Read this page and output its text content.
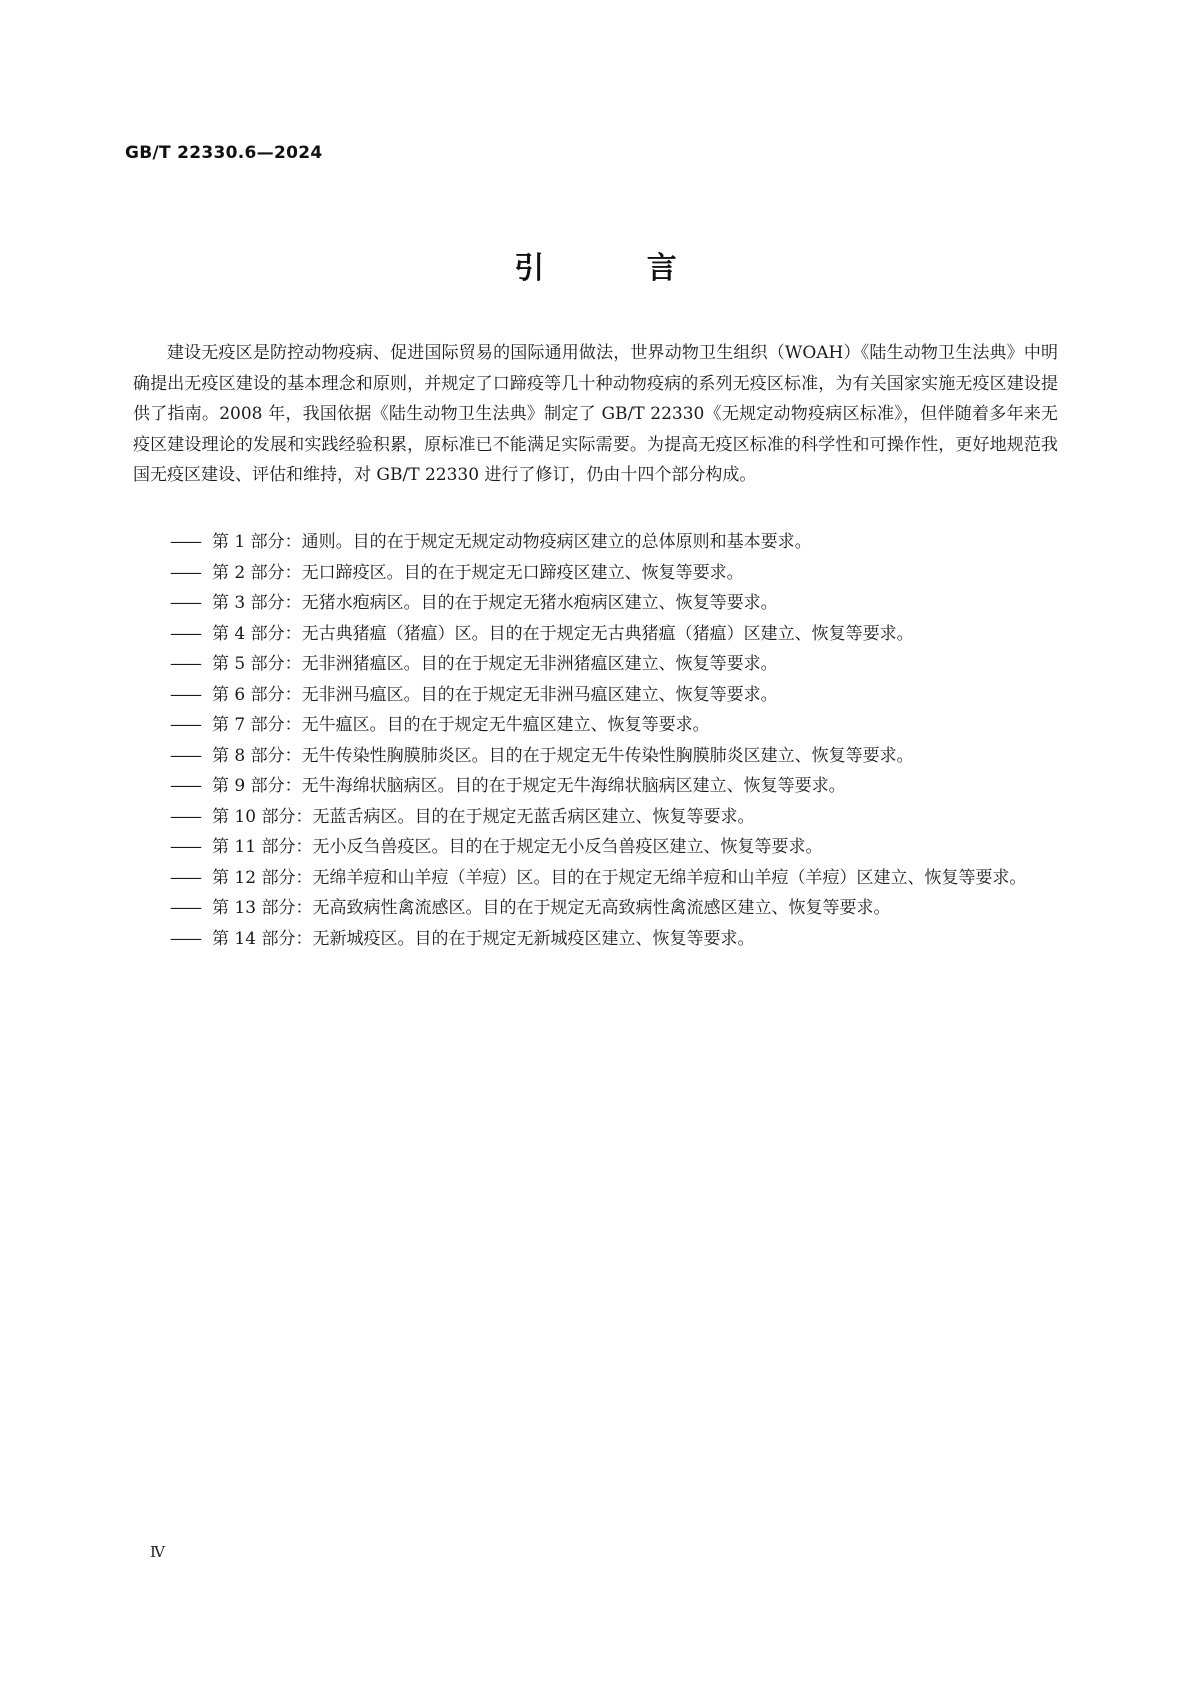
GB/T 22330.6—2024
引 言

建设无疫区是防控动物疫病、促进国际贸易的国际通用做法，世界动物卫生组织（WOAH）《陆生动物卫生法典》中明确提出无疫区建设的基本理念和原则，并规定了口蹄疫等几十种动物疫病的系列无疫区标准，为有关国家实施无疫区建设提供了指南。2008 年，我国依据《陆生动物卫生法典》制定了 GB/T 22330《无规定动物疫病区标准》，但伴随着多年来无疫区建设理论的发展和实践经验积累，原标准已不能满足实际需要。为提高无疫区标准的科学性和可操作性，更好地规范我国无疫区建设、评估和维持，对 GB/T 22330 进行了修订，仍由十四个部分构成。

—— 第 1 部分：通则。目的在于规定无规定动物疫病区建立的总体原则和基本要求。
—— 第 2 部分：无口蹄疫区。目的在于规定无口蹄疫区建立、恢复等要求。
—— 第 3 部分：无猪水疱病区。目的在于规定无猪水疱病区建立、恢复等要求。
—— 第 4 部分：无古典猪瘟（猪瘟）区。目的在于规定无古典猪瘟（猪瘟）区建立、恢复等要求。
—— 第 5 部分：无非洲猪瘟区。目的在于规定无非洲猪瘟区建立、恢复等要求。
—— 第 6 部分：无非洲马瘟区。目的在于规定无非洲马瘟区建立、恢复等要求。
—— 第 7 部分：无牛瘟区。目的在于规定无牛瘟区建立、恢复等要求。
—— 第 8 部分：无牛传染性胸膜肺炎区。目的在于规定无牛传染性胸膜肺炎区建立、恢复等要求。
—— 第 9 部分：无牛海绵状脑病区。目的在于规定无牛海绵状脑病区建立、恢复等要求。
—— 第 10 部分：无蓝舌病区。目的在于规定无蓝舌病区建立、恢复等要求。
—— 第 11 部分：无小反刍兽疫区。目的在于规定无小反刍兽疫区建立、恢复等要求。
—— 第 12 部分：无绵羊痘和山羊痘（羊痘）区。目的在于规定无绵羊痘和山羊痘（羊痘）区建立、恢复等要求。
—— 第 13 部分：无高致病性禽流感区。目的在于规定无高致病性禽流感区建立、恢复等要求。
—— 第 14 部分：无新城疫区。目的在于规定无新城疫区建立、恢复等要求。
Ⅳ
